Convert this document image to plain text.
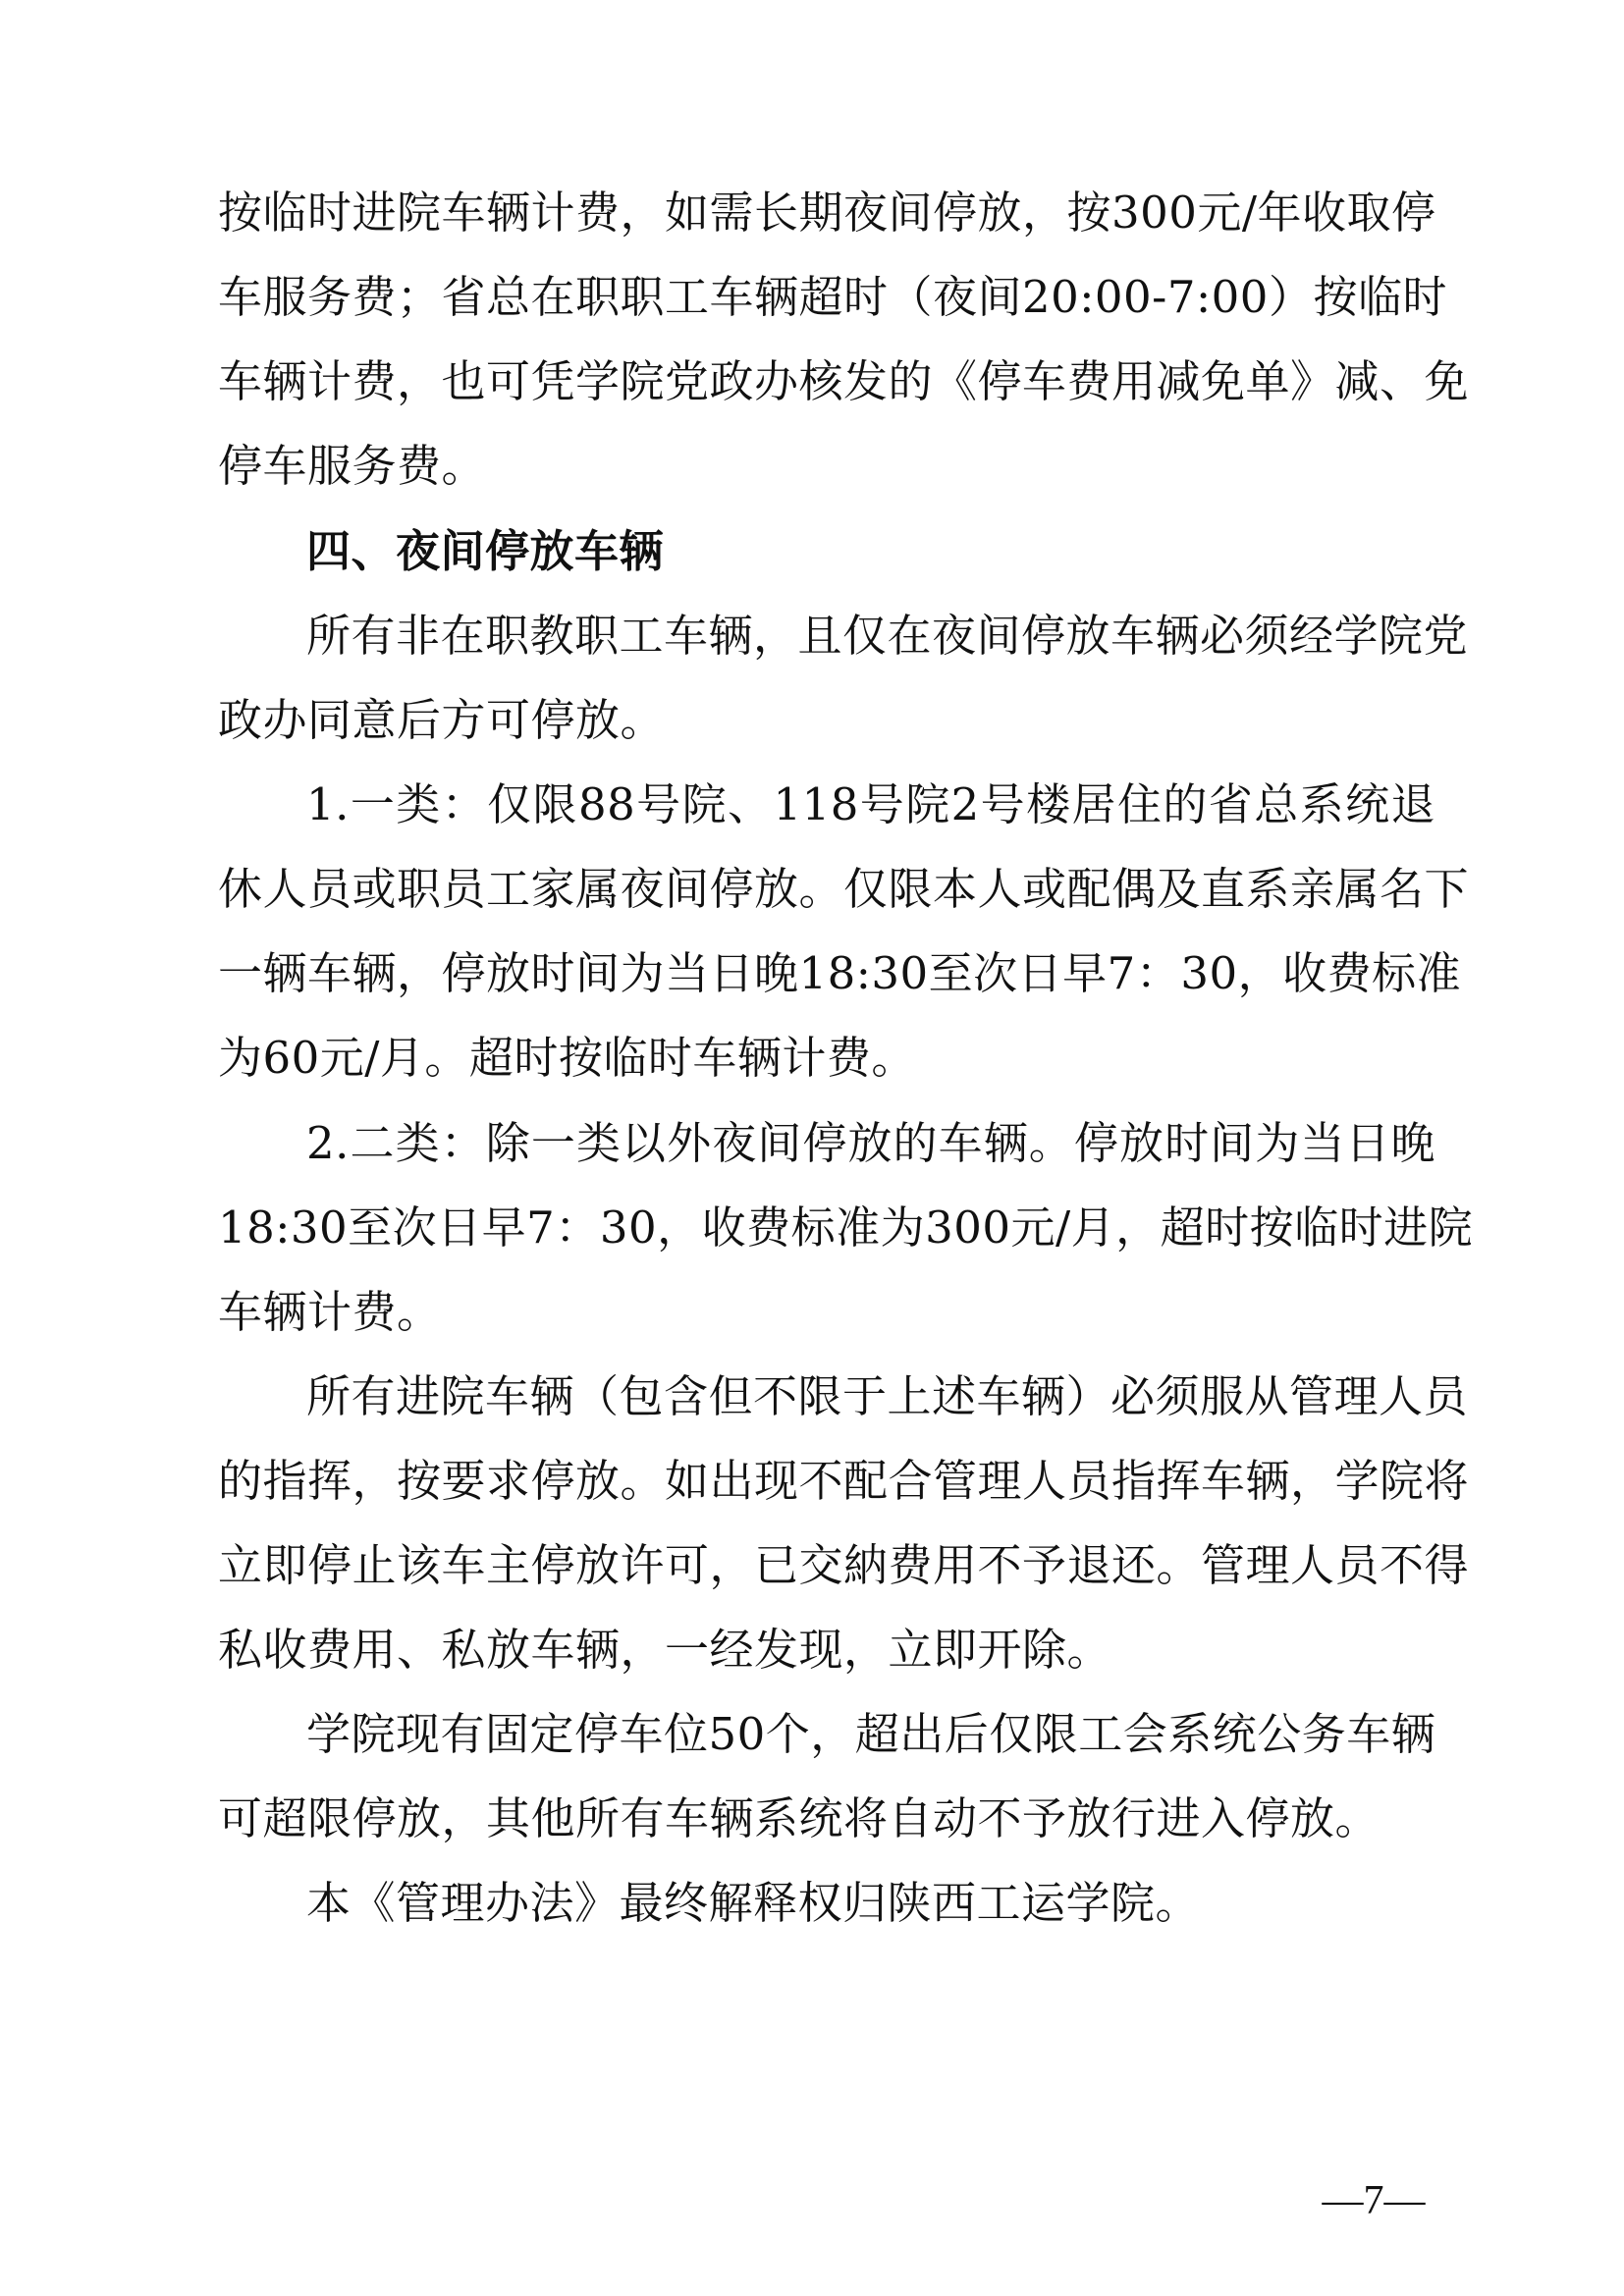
按临时进院车辆计费，如需长期夜间停放，按300元/年收取停
车服务费；省总在职职工车辆超时（夜间20:00-7:00）按临时
车辆计费，也可凭学院党政办核发的《停车费用减免单》减、免
停车服务费。
四、夜间停放车辆
所有非在职教职工车辆，且仅在夜间停放车辆必须经学院党
政办同意后方可停放。
1.一类：仅限88号院、118号院2号楼居住的省总系统退
休人员或职员工家属夜间停放。仅限本人或配偶及直系亲属名下
一辆车辆，停放时间为当日晚18:30至次日早7：30，收费标准
为60元/月。超时按临时车辆计费。
2.二类：除一类以外夜间停放的车辆。停放时间为当日晚
18:30至次日早7：30，收费标准为300元/月，超时按临时进院
车辆计费。
所有进院车辆（包含但不限于上述车辆）必须服从管理人员
的指挥，按要求停放。如出现不配合管理人员指挥车辆，学院将
立即停止该车主停放许可，已交納费用不予退还。管理人员不得
私收费用、私放车辆，一经发现，立即开除。
学院现有固定停车位50个，超出后仅限工会系统公务车辆
可超限停放，其他所有车辆系统将自动不予放行进入停放。
本《管理办法》最终解释权归陕西工运学院。
—7—
